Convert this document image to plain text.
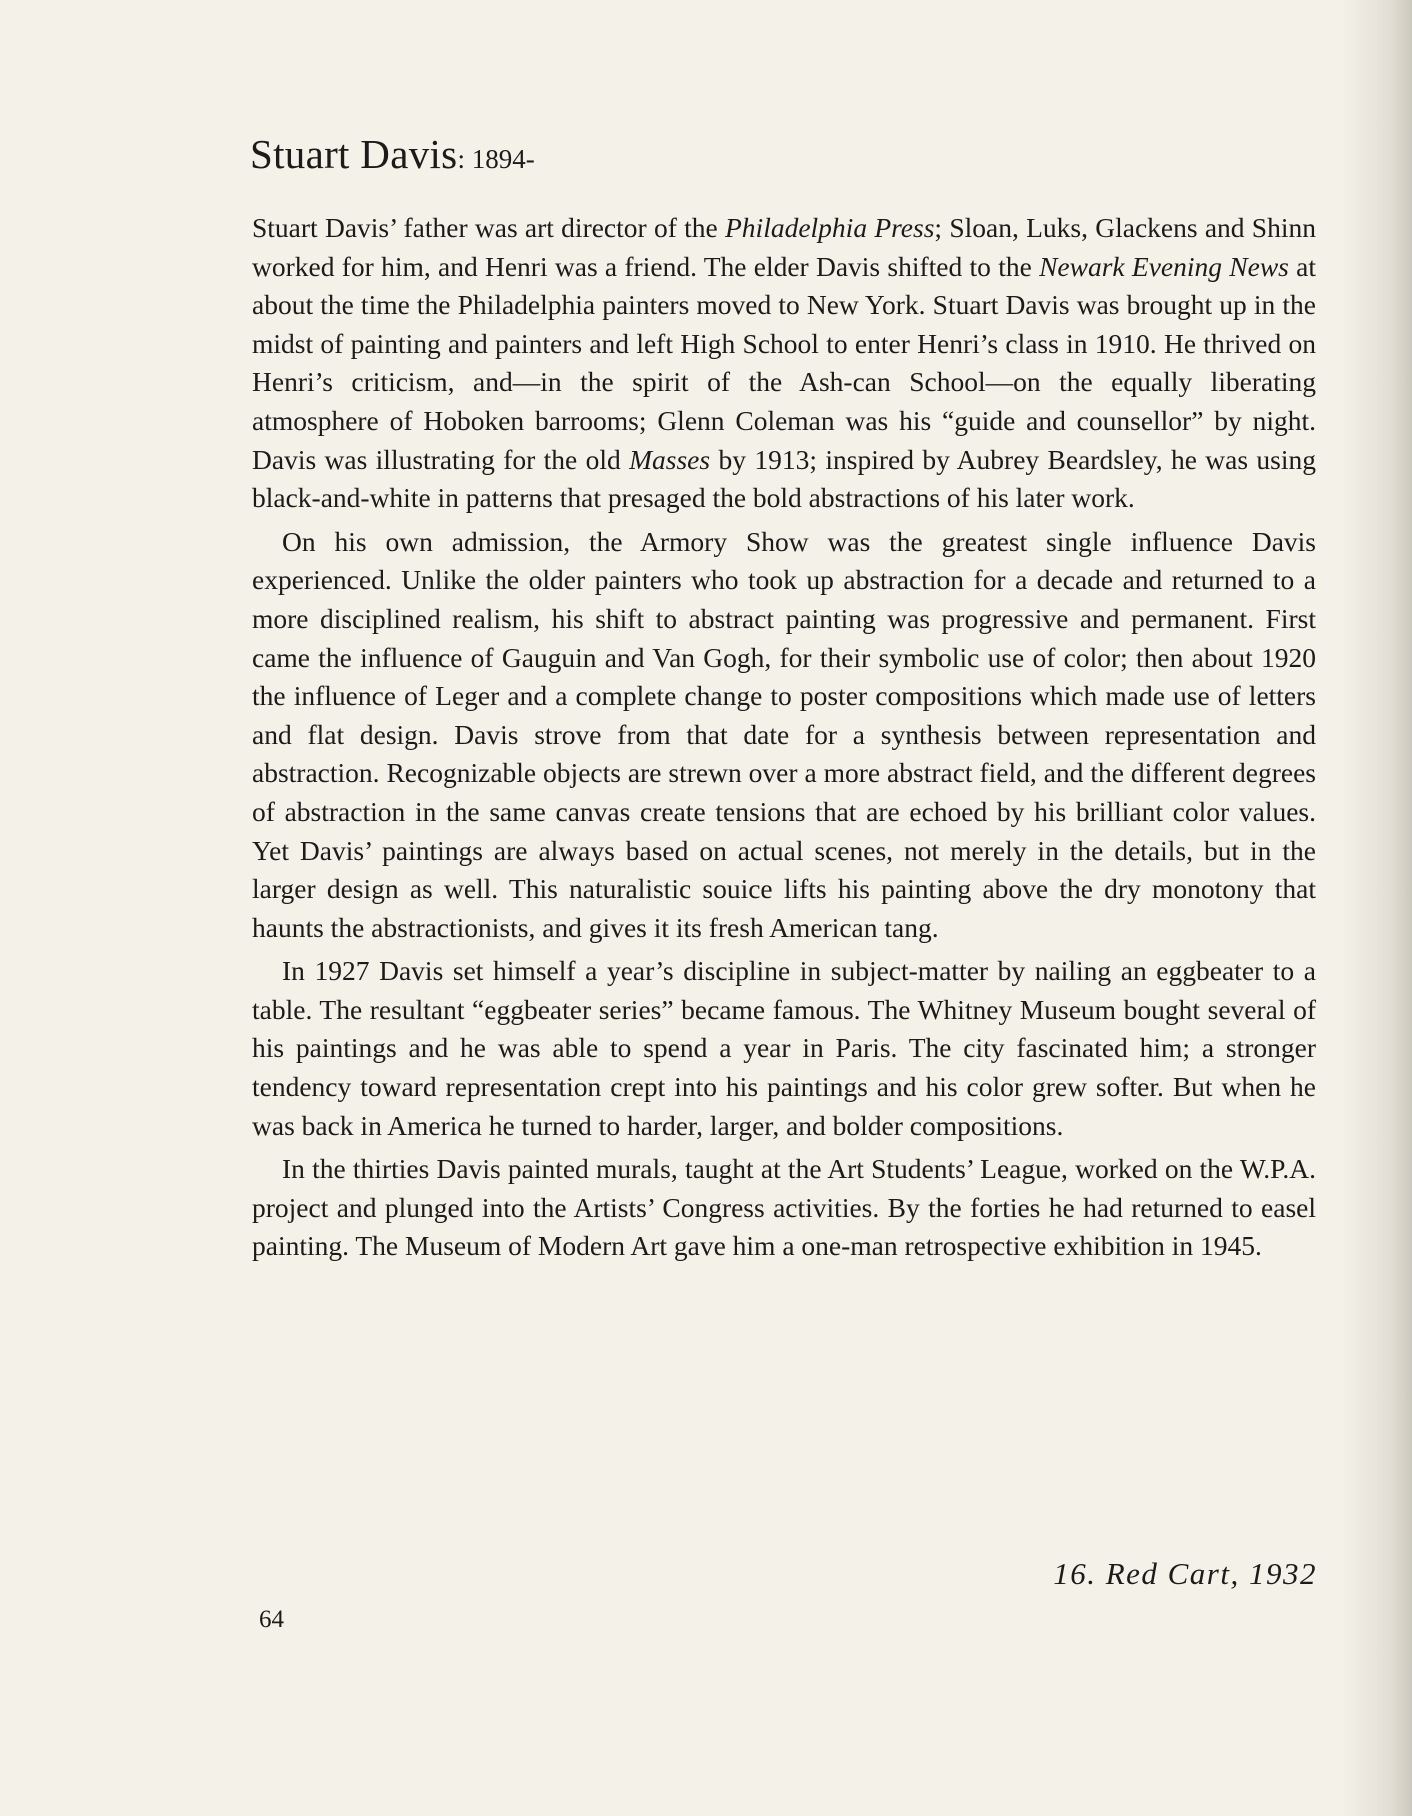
Stuart Davis: 1894-

Stuart Davis’ father was art director of the Philadelphia Press; Sloan, Luks, Glackens and Shinn worked for him, and Henri was a friend. The elder Davis shifted to the Newark Evening News at about the time the Philadelphia painters moved to New York. Stuart Davis was brought up in the midst of painting and painters and left High School to enter Henri’s class in 1910. He thrived on Henri’s criticism, and—in the spirit of the Ash-can School—on the equally liberating atmosphere of Hoboken barrooms; Glenn Coleman was his “guide and counsellor” by night. Davis was illustrating for the old Masses by 1913; inspired by Aubrey Beardsley, he was using black-and-white in patterns that presaged the bold abstractions of his later work.

On his own admission, the Armory Show was the greatest single influence Davis experienced. Unlike the older painters who took up abstraction for a decade and returned to a more disciplined realism, his shift to abstract painting was progressive and permanent. First came the influence of Gauguin and Van Gogh, for their symbolic use of color; then about 1920 the influence of Leger and a complete change to poster compositions which made use of letters and flat design. Davis strove from that date for a synthesis between representation and abstraction. Recognizable objects are strewn over a more abstract field, and the different degrees of abstraction in the same canvas create tensions that are echoed by his brilliant color values. Yet Davis’ paintings are always based on actual scenes, not merely in the details, but in the larger design as well. This naturalistic souice lifts his painting above the dry monotony that haunts the abstractionists, and gives it its fresh American tang.

In 1927 Davis set himself a year’s discipline in subject-matter by nailing an eggbeater to a table. The resultant “eggbeater series” became famous. The Whitney Museum bought several of his paintings and he was able to spend a year in Paris. The city fascinated him; a stronger tendency toward representation crept into his paintings and his color grew softer. But when he was back in America he turned to harder, larger, and bolder compositions.

In the thirties Davis painted murals, taught at the Art Students’ League, worked on the W.P.A. project and plunged into the Artists’ Congress activities. By the forties he had returned to easel painting. The Museum of Modern Art gave him a one-man retrospective exhibition in 1945.

16. Red Cart, 1932
64
